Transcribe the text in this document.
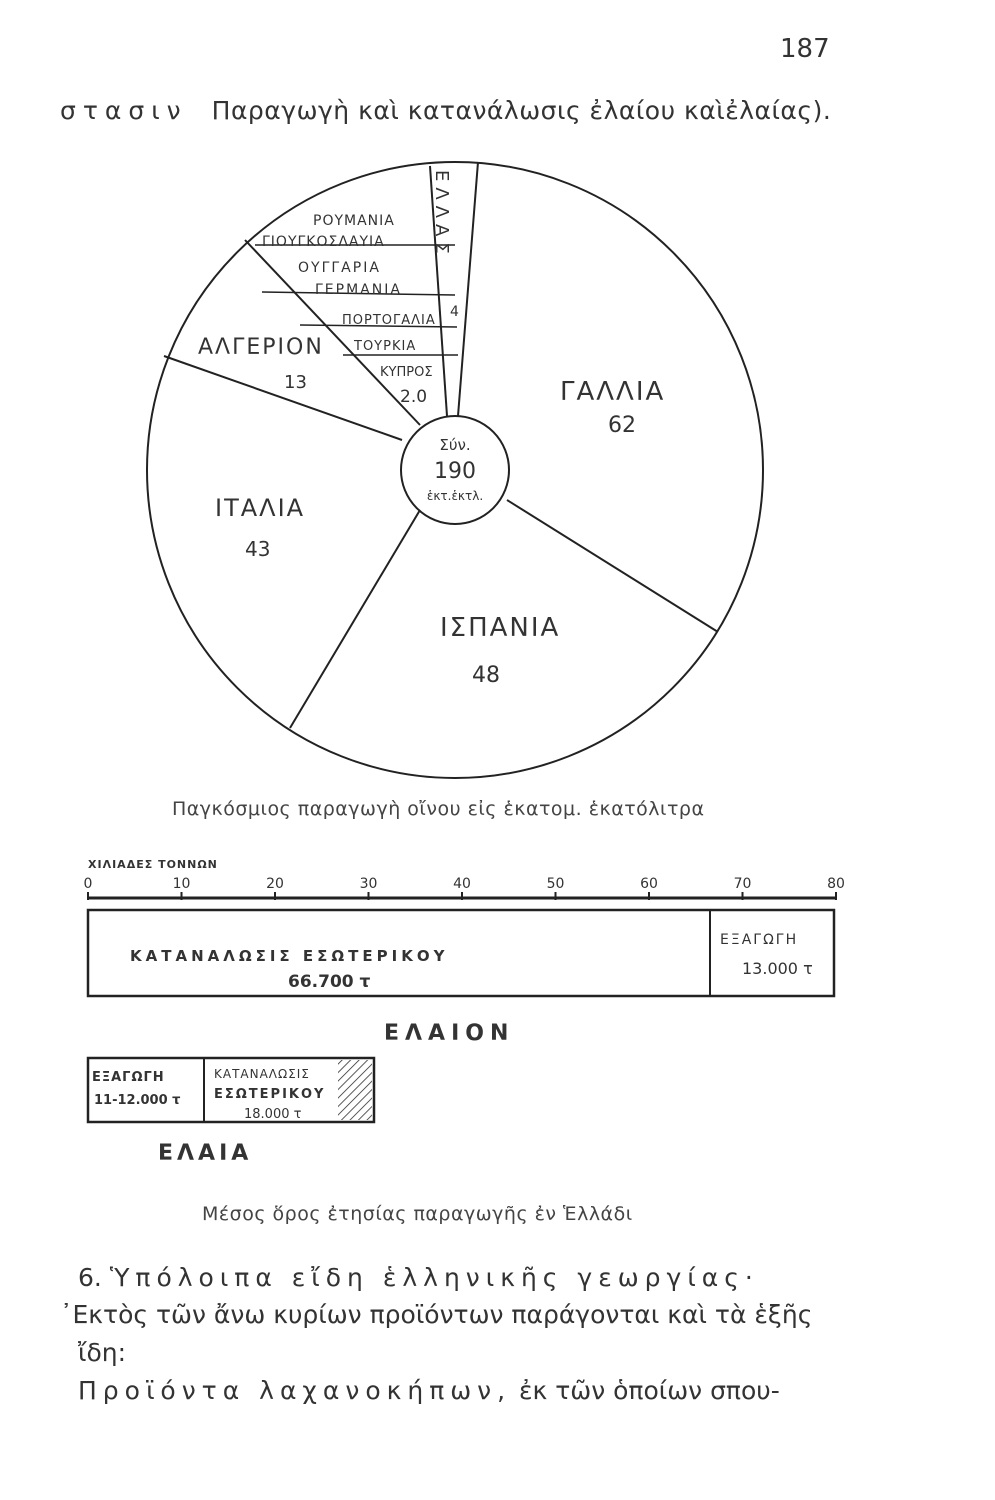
187
στασιν Παραγωγὴ καὶ κατανάλωσις ἐλαίου καὶἐλαίας).
ΓΑΛΛΙΑ
62
ΙΣΠΑΝΙΑ
48
ΙΤΑΛΙΑ
43
ΑΛΓΕΡΙΟΝ
13	ΚΥΠΡΟΣ
2.0
ΕΛΛΑΣ
4
ΡΟΥΜΑΝΙΑ
ΓΙΟΥΓΚΟΣΛΑΥΙΑ
ΟΥΓΓΑΡΙΑ
ΓΕΡΜΑΝΙΑ
ΠΟΡΤΟΓΑΛΙΑ
ΤΟΥΡΚΙΑ
Σύν.
190
ἑκτ.ἑκτλ.
Παγκόσμιος παραγωγὴ οἴνου εἰς ἑκατομ. ἑκατόλιτρα
ΧΙΛΙΑΔΕΣ ΤΟΝΝΩΝ
0	10	20	30	40	50	60	70	80
ΚΑΤΑΝΑΛΩΣΙΣ ΕΣΩΤΕΡΙΚΟΥ
66.700 τ
ΕΞΑΓΩΓΗ
13.000 τ
ΕΛΑΙΟΝ
ΕΞΑΓΩΓΗ
11-12.000 τ
ΚΑΤΑΝΑΛΩΣΙΣ
ΕΣΩΤΕΡΙΚΟΥ
18.000 τ
ΕΛΑΙΑ
Μέσος ὅρος ἐτησίας παραγωγῆς ἐν Ἑλλάδι
6. Ὑπόλοιπα εἴδη ἑλληνικῆς γεωργίας·
᾿Εκτὸς τῶν ἄνω κυρίων προϊόντων παράγονται καὶ τὰ ἑξῆς
ἴδη:
Προϊόντα λαχανοκήπων, ἐκ τῶν ὁποίων σπου-
